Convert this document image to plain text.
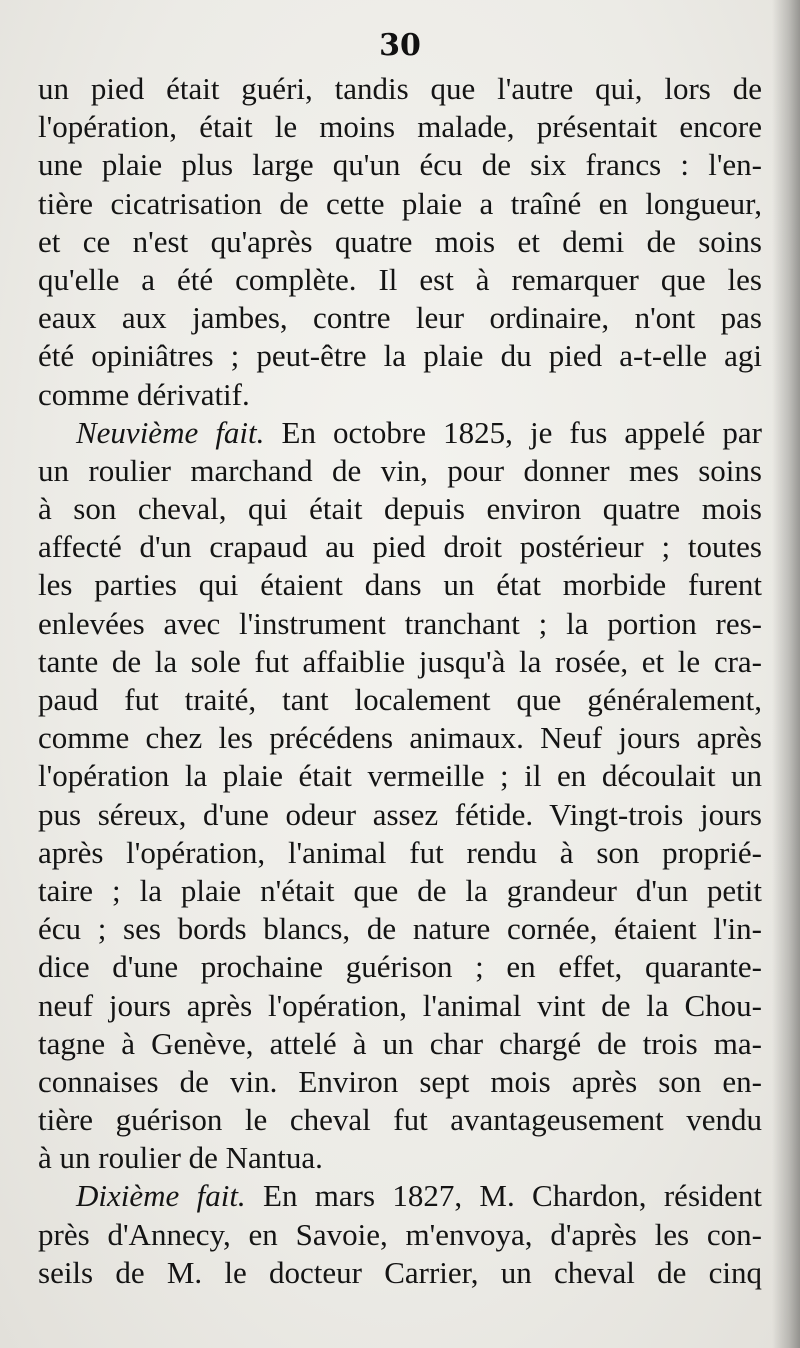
30
un pied était guéri, tandis que l'autre qui, lors de
l'opération, était le moins malade, présentait encore
une plaie plus large qu'un écu de six francs : l'en-
tière cicatrisation de cette plaie a traîné en longueur,
et ce n'est qu'après quatre mois et demi de soins
qu'elle a été complète. Il est à remarquer que les
eaux aux jambes, contre leur ordinaire, n'ont pas
été opiniâtres ; peut-être la plaie du pied a-t-elle agi
comme dérivatif.
Neuvième fait. En octobre 1825, je fus appelé par
un roulier marchand de vin, pour donner mes soins
à son cheval, qui était depuis environ quatre mois
affecté d'un crapaud au pied droit postérieur ; toutes
les parties qui étaient dans un état morbide furent
enlevées avec l'instrument tranchant ; la portion res-
tante de la sole fut affaiblie jusqu'à la rosée, et le cra-
paud fut traité, tant localement que généralement,
comme chez les précédens animaux. Neuf jours après
l'opération la plaie était vermeille ; il en découlait un
pus séreux, d'une odeur assez fétide. Vingt-trois jours
après l'opération, l'animal fut rendu à son proprié-
taire ; la plaie n'était que de la grandeur d'un petit
écu ; ses bords blancs, de nature cornée, étaient l'in-
dice d'une prochaine guérison ; en effet, quarante-
neuf jours après l'opération, l'animal vint de la Chou-
tagne à Genève, attelé à un char chargé de trois ma-
connaises de vin. Environ sept mois après son en-
tière guérison le cheval fut avantageusement vendu
à un roulier de Nantua.
Dixième fait. En mars 1827, M. Chardon, résident
près d'Annecy, en Savoie, m'envoya, d'après les con-
seils de M. le docteur Carrier, un cheval de cinq
